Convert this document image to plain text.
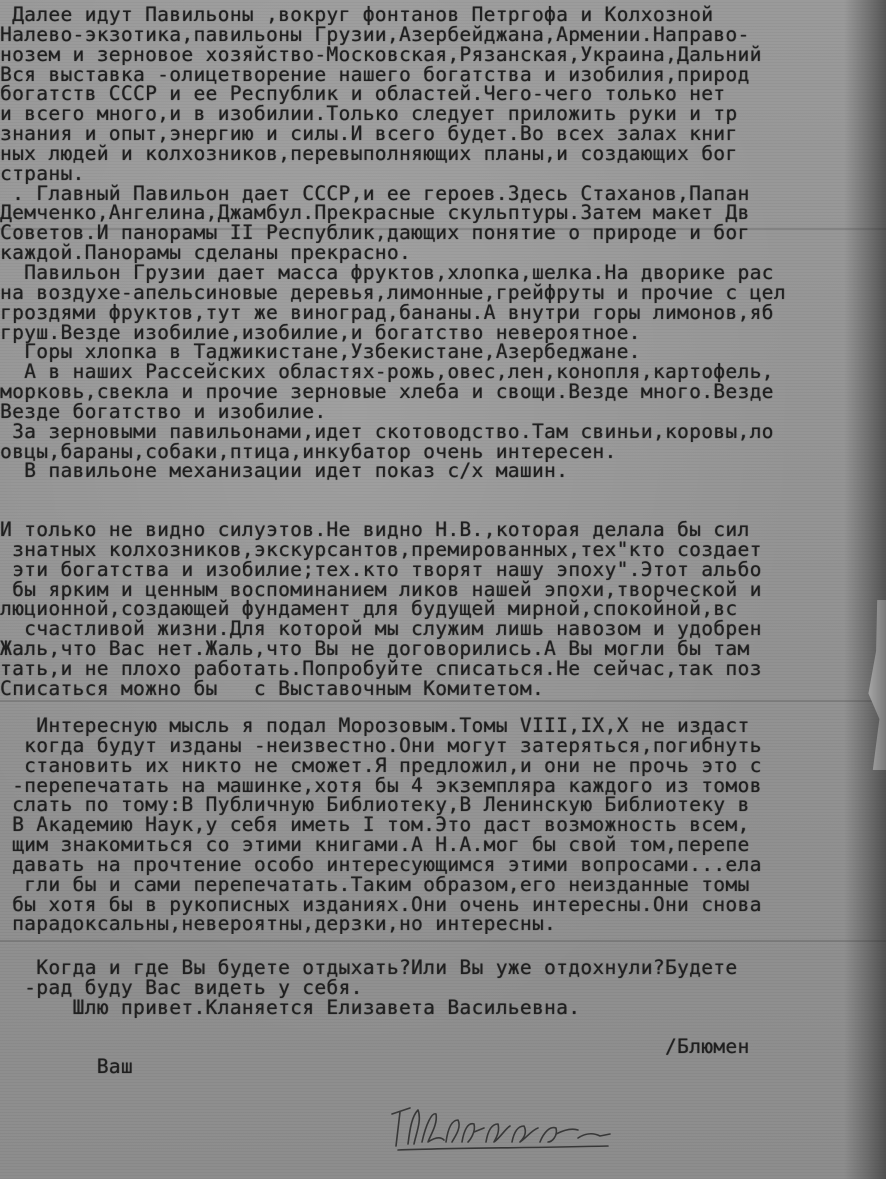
Далее идут Павильоны ,вокруг фонтанов Петргофа и Колхозной
Налево-экзотика,павильоны Грузии,Азербейджана,Армении.Направо-
нозем и зерновое хозяйство-Московская,Рязанская,Украина,Дальний
Вся выставка -олицетворение нашего богатства и изобилия,природ
богатств СССР и ее Республик и областей.Чего-чего только нет
и всего много,и в изобилии.Только следует приложить руки и тр
знания и опыт,энергию и силы.И всего будет.Во всех залах книг
ных людей и колхозников,перевыполняющих планы,и создающих бог
страны.
. Главный Павильон дает СССР,и ее героев.Здесь Стаханов,Папан
Демченко,Ангелина,Джамбул.Прекрасные скульптуры.Затем макет Дв
Советов.И панорамы II Республик,дающих понятие о природе и бог
каждой.Панорамы сделаны прекрасно.
Павильон Грузии дает масса фруктов,хлопка,шелка.На дворике рас
на воздухе-апельсиновые деревья,лимонные,грейфруты и прочие с цел
гроздями фруктов,тут же виноград,бананы.А внутри горы лимонов,яб
груш.Везде изобилие,изобилие,и богатство невероятное.
Горы хлопка в Таджикистане,Узбекистане,Азербеджане.
А в наших Рассейских областях-рожь,овес,лен,конопля,картофель,
морковь,свекла и прочие зерновые хлеба и свощи.Везде много.Везде
Везде богатство и изобилие.
За зерновыми павильонами,идет скотоводство.Там свиньи,коровы,ло
овцы,бараны,собаки,птица,инкубатор очень интересен.
В павильоне механизации идет показ с/х машин.
И только не видно силуэтов.Не видно Н.В.,которая делала бы сил
знатных колхозников,экскурсантов,премированных,тех"кто создает
эти богатства и изобилие;тех.кто творят нашу эпоху".Этот альбо
бы ярким и ценным воспоминанием ликов нашей эпохи,творческой и
люционной,создающей фундамент для будущей мирной,спокойной,вс
счастливой жизни.Для которой мы служим лишь навозом и удобрен
Жаль,что Вас нет.Жаль,что Вы не договорились.А Вы могли бы там
тать,и не плохо работать.Попробуйте списаться.Не сейчас,так поз
Списаться можно бы   с Выставочным Комитетом.
Интересную мысль я подал Морозовым.Томы VIII,IX,X не издаст
когда будут изданы -неизвестно.Они могут затеряться,погибнуть
становить их никто не сможет.Я предложил,и они не прочь это с
-перепечатать на машинке,хотя бы 4 экземпляра каждого из томов
слать по тому:В Публичную Библиотеку,В Ленинскую Библиотеку в
В Академию Наук,у себя иметь I том.Это даст возможность всем,
щим знакомиться со этими книгами.А Н.А.мог бы свой том,перепе
давать на прочтение особо интересующимся этими вопросами...ела
гли бы и сами перепечатать.Таким образом,его неизданные томы
бы хотя бы в рукописных изданиях.Они очень интересны.Они снова
парадоксальны,невероятны,дерзки,но интересны.
Когда и где Вы будете отдыхать?Или Вы уже отдохнули?Будете
-рад буду Вас видеть у себя.
Шлю привет.Кланяется Елизавета Васильевна.

/Блюмен
Ваш
